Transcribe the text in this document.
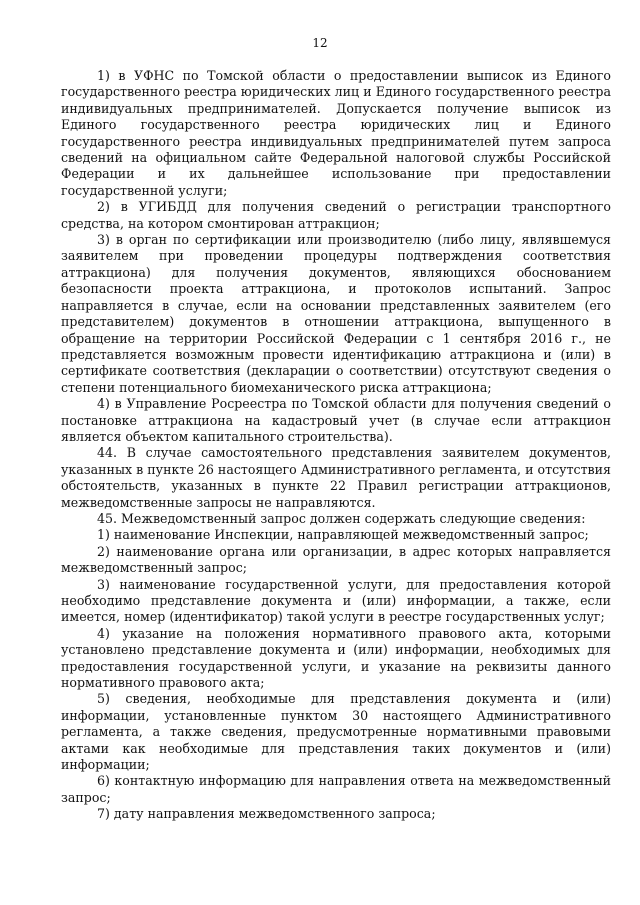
12

1) в УФНС по Томской области о предоставлении выписок из Единого государственного реестра юридических лиц и Единого государственного реестра индивидуальных предпринимателей. Допускается получение выписок из Единого государственного реестра юридических лиц и Единого государственного реестра индивидуальных предпринимателей путем запроса сведений на официальном сайте Федеральной налоговой службы Российской Федерации и их дальнейшее использование при предоставлении государственной услуги;

2) в УГИБДД для получения сведений о регистрации транспортного средства, на котором смонтирован аттракцион;

3) в орган по сертификации или производителю (либо лицу, являвшемуся заявителем при проведении процедуры подтверждения соответствия аттракциона) для получения документов, являющихся обоснованием безопасности проекта аттракциона, и протоколов испытаний. Запрос направляется в случае, если на основании представленных заявителем (его представителем) документов в отношении аттракциона, выпущенного в обращение на территории Российской Федерации с 1 сентября 2016 г., не представляется возможным провести идентификацию аттракциона и (или) в сертификате соответствия (декларации о соответствии) отсутствуют сведения о степени потенциального биомеханического риска аттракциона;

4) в Управление Росреестра по Томской области для получения сведений о постановке аттракциона на кадастровый учет (в случае если аттракцион является объектом капитального строительства).

44. В случае самостоятельного представления заявителем документов, указанных в пункте 26 настоящего Административного регламента, и отсутствия обстоятельств, указанных в пункте 22 Правил регистрации аттракционов, межведомственные запросы не направляются.

45. Межведомственный запрос должен содержать следующие сведения:

1) наименование Инспекции, направляющей межведомственный запрос;

2) наименование органа или организации, в адрес которых направляется межведомственный запрос;

3) наименование государственной услуги, для предоставления которой необходимо представление документа и (или) информации, а также, если имеется, номер (идентификатор) такой услуги в реестре государственных услуг;

4) указание на положения нормативного правового акта, которыми установлено представление документа и (или) информации, необходимых для предоставления государственной услуги, и указание на реквизиты данного нормативного правового акта;

5) сведения, необходимые для представления документа и (или) информации, установленные пунктом 30 настоящего Административного регламента, а также сведения, предусмотренные нормативными правовыми актами как необходимые для представления таких документов и (или) информации;

6) контактную информацию для направления ответа на межведомственный запрос;

7) дату направления межведомственного запроса;
